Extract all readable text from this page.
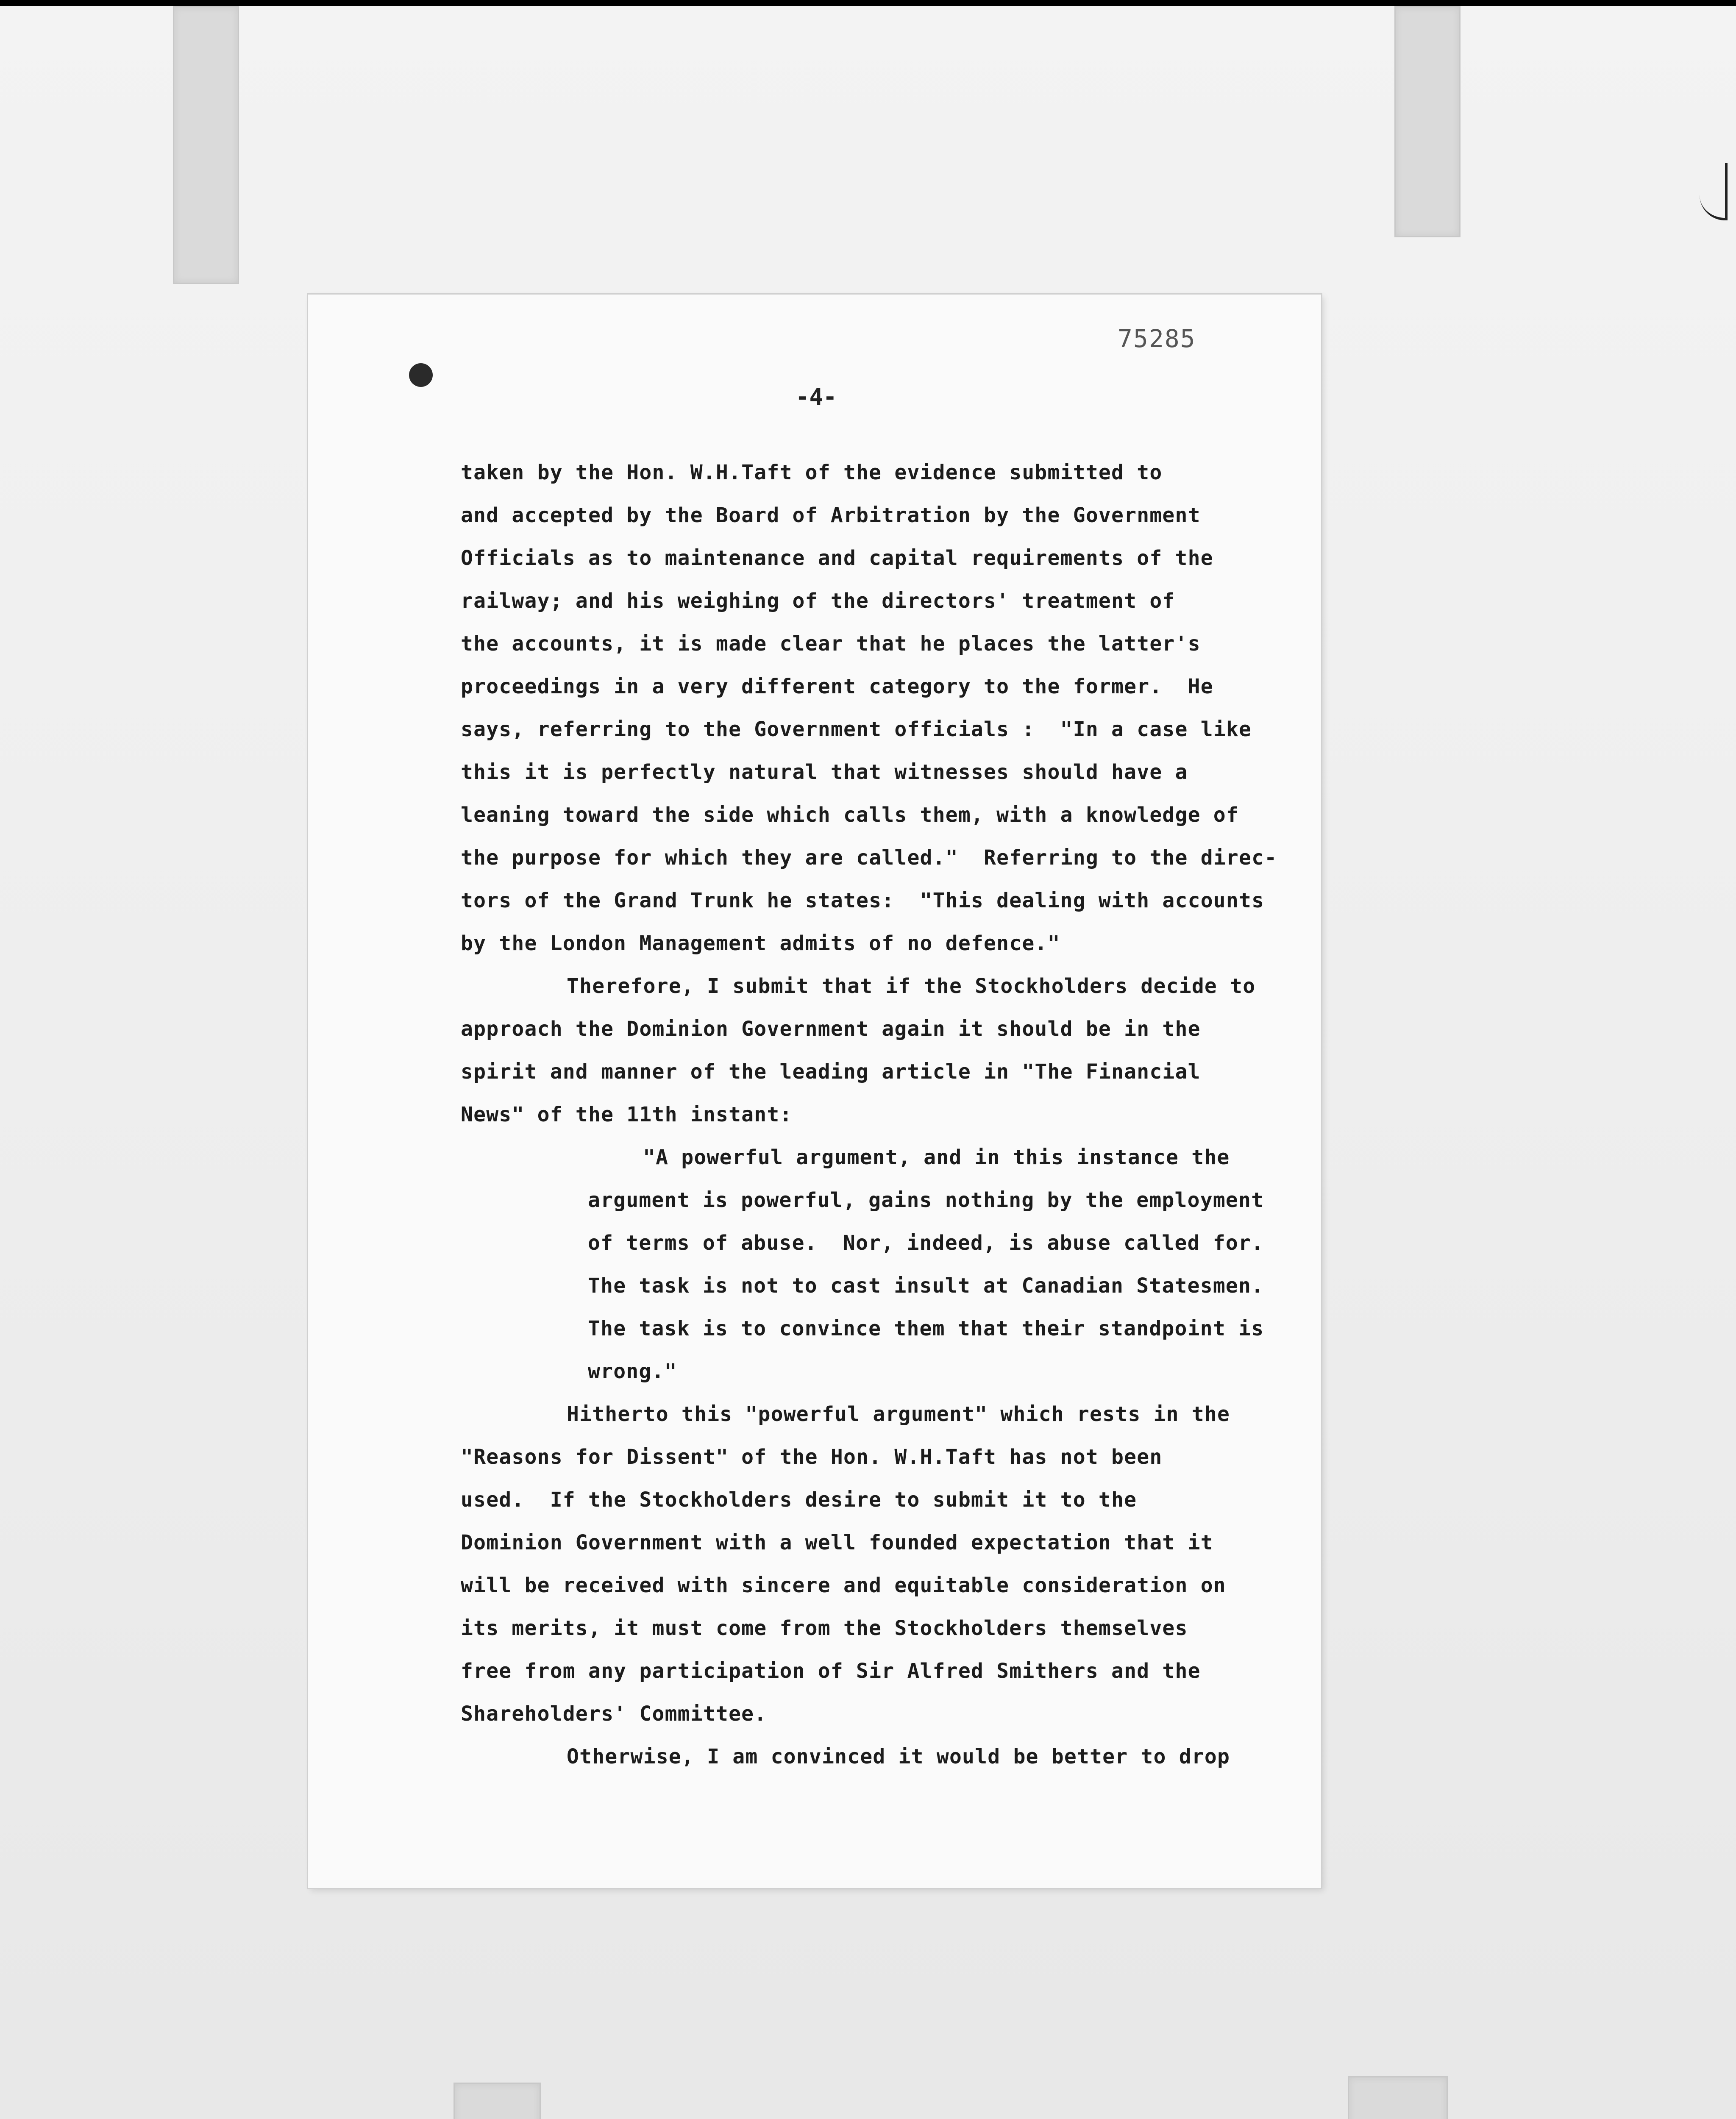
75285
-4-
taken by the Hon. W.H.Taft of the evidence submitted to
and accepted by the Board of Arbitration by the Government
Officials as to maintenance and capital requirements of the
railway; and his weighing of the directors' treatment of
the accounts, it is made clear that he places the latter's
proceedings in a very different category to the former.  He
says, referring to the Government officials :  "In a case like
this it is perfectly natural that witnesses should have a
leaning toward the side which calls them, with a knowledge of
the purpose for which they are called."  Referring to the direc-
tors of the Grand Trunk he states:  "This dealing with accounts
by the London Management admits of no defence."
Therefore, I submit that if the Stockholders decide to
approach the Dominion Government again it should be in the
spirit and manner of the leading article in "The Financial
News" of the 11th instant:
"A powerful argument, and in this instance the
argument is powerful, gains nothing by the employment
of terms of abuse.  Nor, indeed, is abuse called for.
The task is not to cast insult at Canadian Statesmen.
The task is to convince them that their standpoint is
wrong."
Hitherto this "powerful argument" which rests in the
"Reasons for Dissent" of the Hon. W.H.Taft has not been
used.  If the Stockholders desire to submit it to the
Dominion Government with a well founded expectation that it
will be received with sincere and equitable consideration on
its merits, it must come from the Stockholders themselves
free from any participation of Sir Alfred Smithers and the
Shareholders' Committee.
Otherwise, I am convinced it would be better to drop
